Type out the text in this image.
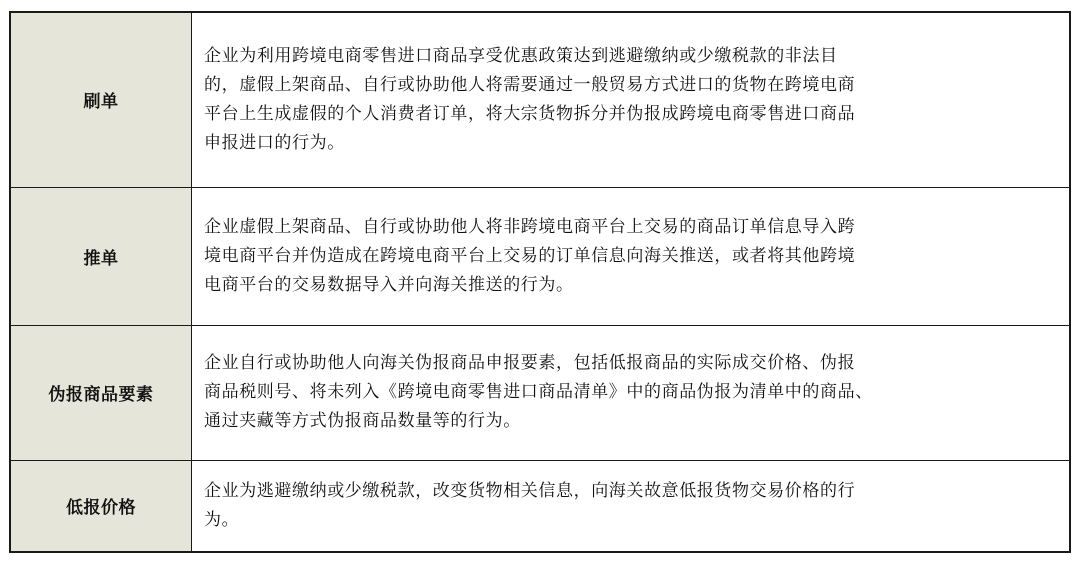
刷单	企业为利用跨境电商零售进口商品享受优惠政策达到逃避缴纳或少缴税款的非法目
的，虚假上架商品、自行或协助他人将需要通过一般贸易方式进口的货物在跨境电商
平台上生成虚假的个人消费者订单，将大宗货物拆分并伪报成跨境电商零售进口商品
申报进口的行为。

推单	企业虚假上架商品、自行或协助他人将非跨境电商平台上交易的商品订单信息导入跨
境电商平台并伪造成在跨境电商平台上交易的订单信息向海关推送，或者将其他跨境
电商平台的交易数据导入并向海关推送的行为。

伪报商品要素	企业自行或协助他人向海关伪报商品申报要素，包括低报商品的实际成交价格、伪报
商品税则号、将未列入《跨境电商零售进口商品清单》中的商品伪报为清单中的商品、
通过夹藏等方式伪报商品数量等的行为。

低报价格	企业为逃避缴纳或少缴税款，改变货物相关信息，向海关故意低报货物交易价格的行
为。
